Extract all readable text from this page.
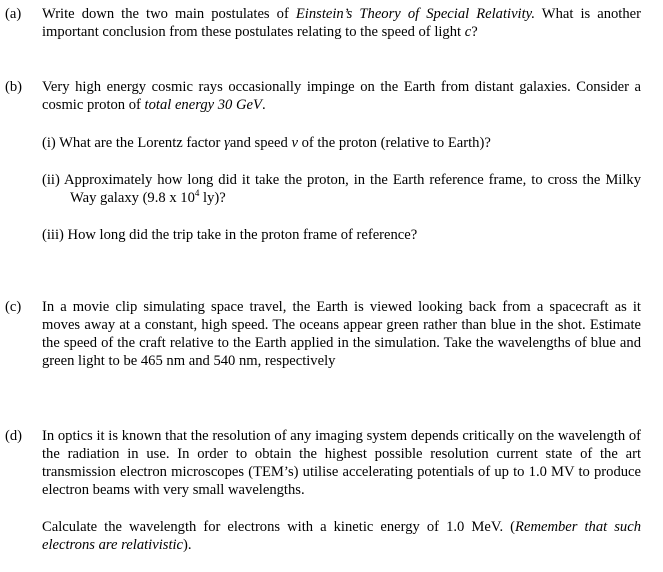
(a) Write down the two main postulates of Einstein’s Theory of Special Relativity. What is another important conclusion from these postulates relating to the speed of light c?
(b) Very high energy cosmic rays occasionally impinge on the Earth from distant galaxies. Consider a cosmic proton of total energy 30 GeV.
(i) What are the Lorentz factor γand speed v of the proton (relative to Earth)?
(ii) Approximately how long did it take the proton, in the Earth reference frame, to cross the Milky Way galaxy (9.8 x $10^4$ ly)?
(iii) How long did the trip take in the proton frame of reference?
(c) In a movie clip simulating space travel, the Earth is viewed looking back from a spacecraft as it moves away at a constant, high speed. The oceans appear green rather than blue in the shot. Estimate the speed of the craft relative to the Earth applied in the simulation. Take the wavelengths of blue and green light to be 465 nm and 540 nm, respectively
(d) In optics it is known that the resolution of any imaging system depends critically on the wavelength of the radiation in use. In order to obtain the highest possible resolution current state of the art transmission electron microscopes (TEM’s) utilise accelerating potentials of up to 1.0 MV to produce electron beams with very small wavelengths.
Calculate the wavelength for electrons with a kinetic energy of 1.0 MeV. (Remember that such electrons are relativistic).
